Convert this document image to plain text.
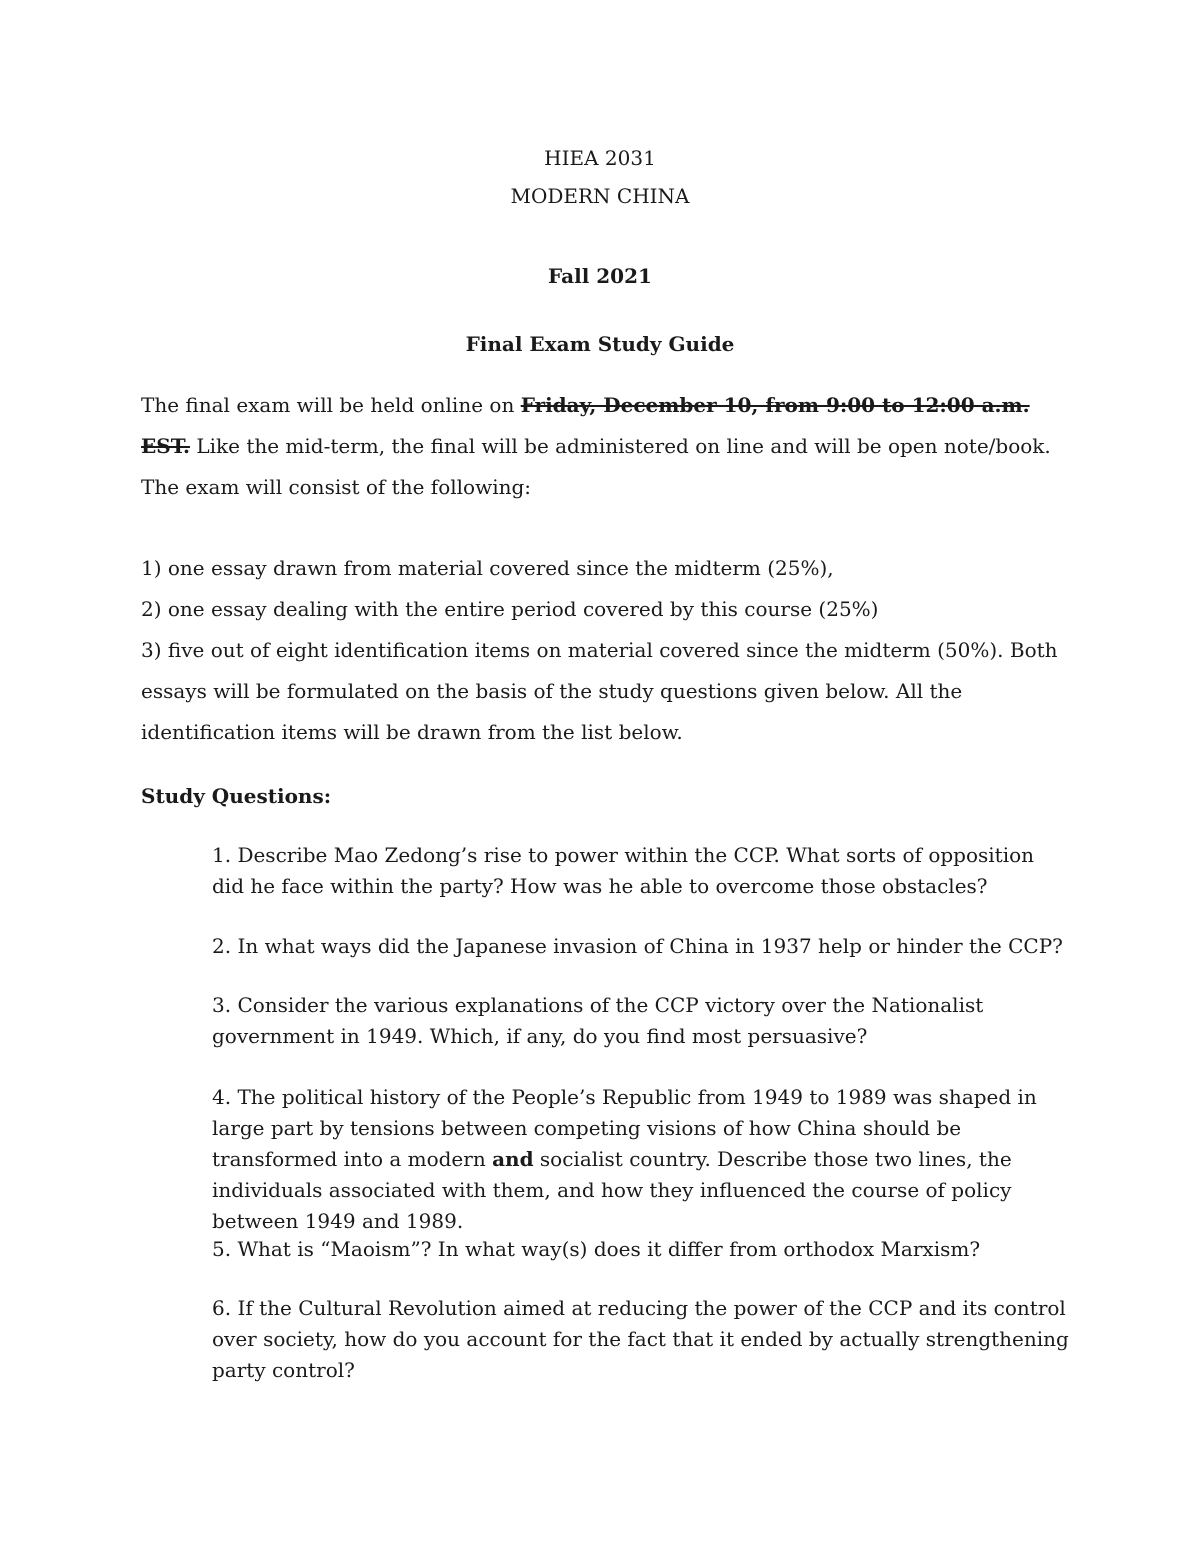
HIEA 2031
MODERN CHINA
Fall 2021
Final Exam Study Guide
The final exam will be held online on Friday, December 10, from 9:00 to 12:00 a.m. EST. Like the mid-term, the final will be administered on line and will be open note/book. The exam will consist of the following:

1) one essay drawn from material covered since the midterm (25%),

2) one essay dealing with the entire period covered by this course (25%)

3) five out of eight identification items on material covered since the midterm (50%). Both essays will be formulated on the basis of the study questions given below. All the identification items will be drawn from the list below.

Study Questions:

1. Describe Mao Zedong’s rise to power within the CCP. What sorts of opposition did he face within the party? How was he able to overcome those obstacles?

2. In what ways did the Japanese invasion of China in 1937 help or hinder the CCP?

3. Consider the various explanations of the CCP victory over the Nationalist government in 1949. Which, if any, do you find most persuasive?

4. The political history of the People’s Republic from 1949 to 1989 was shaped in large part by tensions between competing visions of how China should be transformed into a modern and socialist country. Describe those two lines, the individuals associated with them, and how they influenced the course of policy between 1949 and 1989.

5. What is “Maoism”? In what way(s) does it differ from orthodox Marxism?

6. If the Cultural Revolution aimed at reducing the power of the CCP and its control over society, how do you account for the fact that it ended by actually strengthening party control?
